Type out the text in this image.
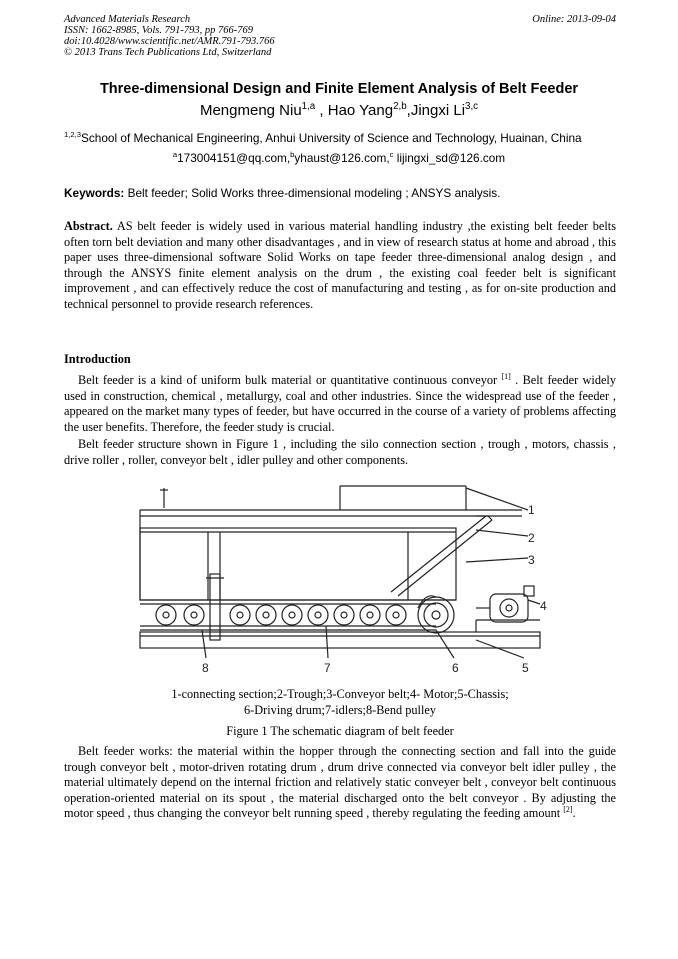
Advanced Materials Research
ISSN: 1662-8985, Vols. 791-793, pp 766-769
doi:10.4028/www.scientific.net/AMR.791-793.766
© 2013 Trans Tech Publications Ltd, Switzerland
Online: 2013-09-04
Three-dimensional Design and Finite Element Analysis of Belt Feeder
Mengmeng Niu$^{1,a}$ , Hao Yang$^{2,b}$,Jingxi Li$^{3,c}$
$^{1,2,3}$School of Mechanical Engineering, Anhui University of Science and Technology, Huainan, China
$^a$173004151@qq.com,$^b$yhaust@126.com,$^c$ lijingxi_sd@126.com
Keywords: Belt feeder; Solid Works three-dimensional modeling ; ANSYS analysis.
Abstract. AS belt feeder is widely used in various material handling industry ,the existing belt feeder belts often torn belt deviation and many other disadvantages , and in view of research status at home and abroad , this paper uses three-dimensional software Solid Works on tape feeder three-dimensional analog design , and through the ANSYS finite element analysis on the drum , the existing coal feeder belt is significant improvement , and can effectively reduce the cost of manufacturing and testing , as for on-site production and technical personnel to provide research references.
Introduction
Belt feeder is a kind of uniform bulk material or quantitative continuous conveyor [1] . Belt feeder widely used in construction, chemical , metallurgy, coal and other industries. Since the widespread use of the feeder , appeared on the market many types of feeder, but have occurred in the course of a variety of problems affecting the user benefits. Therefore, the feeder study is crucial.
Belt feeder structure shown in Figure 1 , including the silo connection section , trough , motors, chassis , drive roller , roller, conveyor belt , idler pulley and other components.
1
2
3
4
5
6
7
8
1-connecting section;2-Trough;3-Conveyor belt;4- Motor;5-Chassis;
6-Driving drum;7-idlers;8-Bend pulley
Figure 1 The schematic diagram of belt feeder
Belt feeder works: the material within the hopper through the connecting section and fall into the guide trough conveyor belt , motor-driven rotating drum , drum drive connected via conveyor belt idler pulley , the material ultimately depend on the internal friction and relatively static conveyer belt , conveyor belt continuous operation-oriented material on its spout , the material discharged onto the belt conveyor . By adjusting the motor speed , thus changing the conveyor belt running speed , thereby regulating the feeding amount [2].
